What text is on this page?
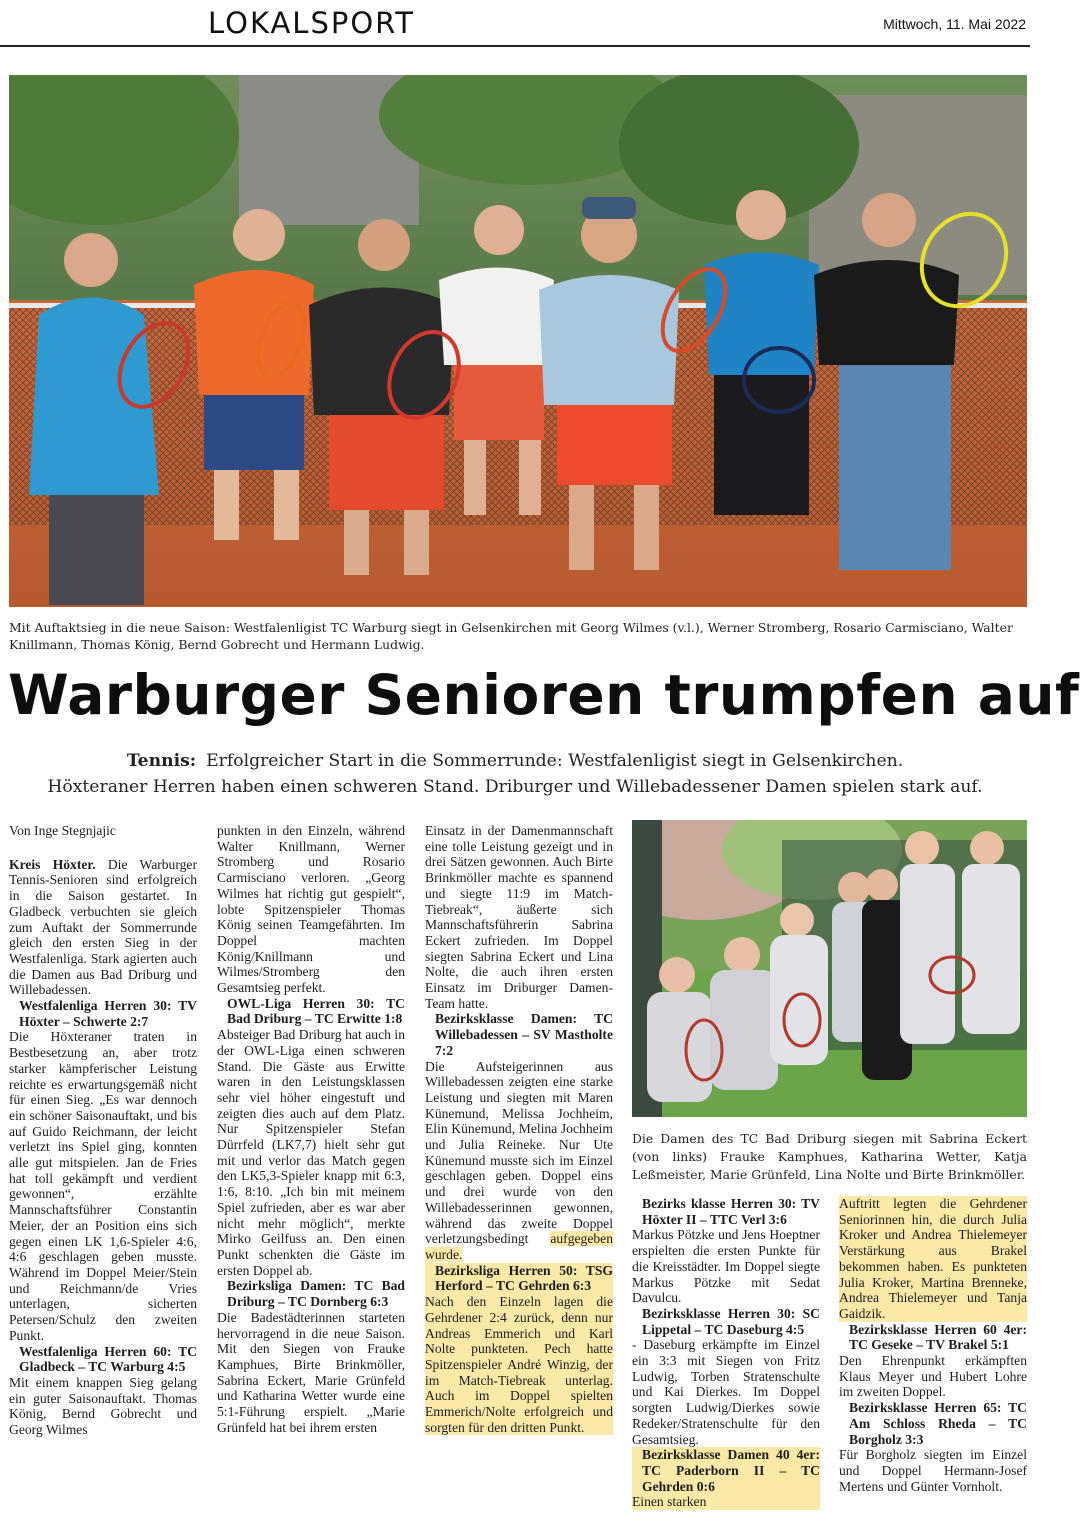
LOKALSPORT	Mittwoch, 11. Mai 2022
Mit Auftaktsieg in die neue Saison: Westfalenligist TC Warburg siegt in Gelsenkirchen mit Georg Wilmes (v.l.), Werner Stromberg, Rosario Carmisciano, Walter Knillmann, Thomas König, Bernd Gobrecht und Hermann Ludwig.
Warburger Senioren trumpfen auf
Tennis: Erfolgreicher Start in die Sommerrunde: Westfalenligist siegt in Gelsenkirchen.
Höxteraner Herren haben einen schweren Stand. Driburger und Willebadessener Damen spielen stark auf.

Von Inge Stegnjajic

Kreis Höxter. Die Warburger Tennis-Senioren sind erfolgreich in die Saison gestartet. In Gladbeck verbuchten sie gleich zum Auftakt der Sommerrunde gleich den ersten Sieg in der Westfalenliga. Stark agierten auch die Damen aus Bad Driburg und Willebadessen.

Westfalenliga Herren 30: TV Höxter – Schwerte 2:7

Die Höxteraner traten in Bestbesetzung an, aber trotz starker kämpferischer Leistung reichte es erwartungsgemäß nicht für einen Sieg. „Es war dennoch ein schöner Saisonauftakt, und bis auf Guido Reichmann, der leicht verletzt ins Spiel ging, konnten alle gut mitspielen. Jan de Fries hat toll gekämpft und verdient gewonnen“, erzählte Mannschaftsführer Constantin Meier, der an Position eins sich gegen einen LK 1,6-Spieler 4:6, 4:6 geschlagen geben musste. Während im Doppel Meier/Stein und Reichmann/de Vries unterlagen, sicherten Petersen/Schulz den zweiten Punkt.

Westfalenliga Herren 60: TC Gladbeck – TC Warburg 4:5

Mit einem knappen Sieg gelang ein guter Saisonauftakt. Thomas König, Bernd Gobrecht und Georg Wilmes

punkten in den Einzeln, während Walter Knillmann, Werner Stromberg und Rosario Carmisciano verloren. „Georg Wilmes hat richtig gut gespielt“, lobte Spitzenspieler Thomas König seinen Teamgefährten. Im Doppel machten König/Knillmann und Wilmes/Stromberg den Gesamtsieg perfekt.

OWL-Liga Herren 30: TC Bad Driburg – TC Erwitte 1:8

Absteiger Bad Driburg hat auch in der OWL-Liga einen schweren Stand. Die Gäste aus Erwitte waren in den Leistungsklassen sehr viel höher eingestuft und zeigten dies auch auf dem Platz. Nur Spitzenspieler Stefan Dürrfeld (LK7,7) hielt sehr gut mit und verlor das Match gegen den LK5,3-Spieler knapp mit 6:3, 1:6, 8:10. „Ich bin mit meinem Spiel zufrieden, aber es war aber nicht mehr möglich“, merkte Mirko Geilfuss an. Den einen Punkt schenkten die Gäste im ersten Doppel ab.

Bezirksliga Damen: TC Bad Driburg – TC Dornberg 6:3

Die Badestädterinnen starteten hervorragend in die neue Saison. Mit den Siegen von Frauke Kamphues, Birte Brinkmöller, Sabrina Eckert, Marie Grünfeld und Katharina Wetter wurde eine 5:1-Führung erspielt. „Marie Grünfeld hat bei ihrem ersten

Einsatz in der Damenmannschaft eine tolle Leistung gezeigt und in drei Sätzen gewonnen. Auch Birte Brinkmöller machte es spannend und siegte 11:9 im Match-Tiebreak“, äußerte sich Mannschaftsführerin Sabrina Eckert zufrieden. Im Doppel siegten Sabrina Eckert und Lina Nolte, die auch ihren ersten Einsatz im Driburger Damen-Team hatte.

Bezirksklasse Damen: TC Willebadessen – SV Mastholte 7:2

Die Aufsteigerinnen aus Willebadessen zeigten eine starke Leistung und siegten mit Maren Künemund, Melissa Jochheim, Elin Künemund, Melina Jochheim und Julia Reineke. Nur Ute Künemund musste sich im Einzel geschlagen geben. Doppel eins und drei wurde von den Willebadesserinnen gewonnen, während das zweite Doppel verletzungsbedingt aufgegeben wurde.

Bezirksliga Herren 50: TSG Herford – TC Gehrden 6:3

Nach den Einzeln lagen die Gehrdener 2:4 zurück, denn nur Andreas Emmerich und Karl Nolte punkteten. Pech hatte Spitzenspieler André Winzig, der im Match-Tiebreak unterlag. Auch im Doppel spielten Emmerich/Nolte erfolgreich und sorgten für den dritten Punkt.

Die Damen des TC Bad Driburg siegen mit Sabrina Eckert (von links) Frauke Kamphues, Katharina Wetter, Katja Leßmeister, Marie Grünfeld, Lina Nolte und Birte Brinkmöller.

Bezirks klasse Herren 30: TV Höxter II – TTC Verl 3:6

Markus Pötzke und Jens Hoeptner erspielten die ersten Punkte für die Kreisstädter. Im Doppel siegte Markus Pötzke mit Sedat Davulcu.

Bezirksklasse Herren 30: SC Lippetal – TC Daseburg 4:5

- Daseburg erkämpfte im Einzel ein 3:3 mit Siegen von Fritz Ludwig, Torben Stratenschulte und Kai Dierkes. Im Doppel sorgten Ludwig/Dierkes sowie Redeker/Stratenschulte für den Gesamtsieg.

Bezirksklasse Damen 40 4er: TC Paderborn II – TC Gehrden 0:6

Einen starken

Auftritt legten die Gehrdener Seniorinnen hin, die durch Julia Kroker und Andrea Thielemeyer Verstärkung aus Brakel bekommen haben. Es punkteten Julia Kroker, Martina Brenneke, Andrea Thielemeyer und Tanja Gaidzik.

Bezirksklasse Herren 60 4er: TC Geseke – TV Brakel 5:1

Den Ehrenpunkt erkämpften Klaus Meyer und Hubert Lohre im zweiten Doppel.

Bezirksklasse Herren 65: TC Am Schloss Rheda – TC Borgholz 3:3

Für Borgholz siegten im Einzel und Doppel Hermann-Josef Mertens und Günter Vornholt.
